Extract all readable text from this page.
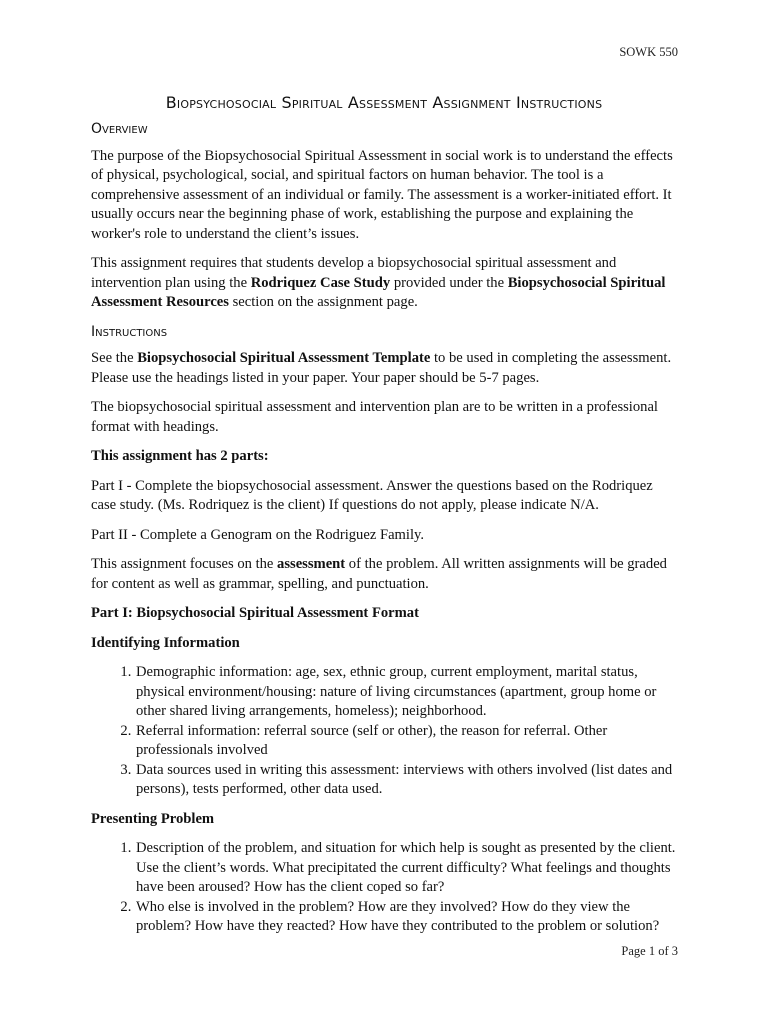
SOWK 550
Biopsychosocial Spiritual Assessment Assignment Instructions
Overview

The purpose of the Biopsychosocial Spiritual Assessment in social work is to understand the effects of physical, psychological, social, and spiritual factors on human behavior. The tool is a comprehensive assessment of an individual or family. The assessment is a worker-initiated effort. It usually occurs near the beginning phase of work, establishing the purpose and explaining the worker's role to understand the client’s issues.

This assignment requires that students develop a biopsychosocial spiritual assessment and intervention plan using the Rodriquez Case Study provided under the Biopsychosocial Spiritual Assessment Resources section on the assignment page.

Instructions

See the Biopsychosocial Spiritual Assessment Template to be used in completing the assessment. Please use the headings listed in your paper. Your paper should be 5-7 pages.

The biopsychosocial spiritual assessment and intervention plan are to be written in a professional format with headings.

This assignment has 2 parts:

Part I - Complete the biopsychosocial assessment. Answer the questions based on the Rodriquez case study. (Ms. Rodriquez is the client) If questions do not apply, please indicate N/A.

Part II - Complete a Genogram on the Rodriguez Family.

This assignment focuses on the assessment of the problem. All written assignments will be graded for content as well as grammar, spelling, and punctuation.

Part I: Biopsychosocial Spiritual Assessment Format

Identifying Information

1. Demographic information: age, sex, ethnic group, current employment, marital status, physical environment/housing: nature of living circumstances (apartment, group home or other shared living arrangements, homeless); neighborhood.
2. Referral information: referral source (self or other), the reason for referral. Other professionals involved
3. Data sources used in writing this assessment: interviews with others involved (list dates and persons), tests performed, other data used.

Presenting Problem

1. Description of the problem, and situation for which help is sought as presented by the client. Use the client’s words. What precipitated the current difficulty? What feelings and thoughts have been aroused? How has the client coped so far?
2. Who else is involved in the problem? How are they involved? How do they view the problem? How have they reacted? How have they contributed to the problem or solution?
Page 1 of 3
